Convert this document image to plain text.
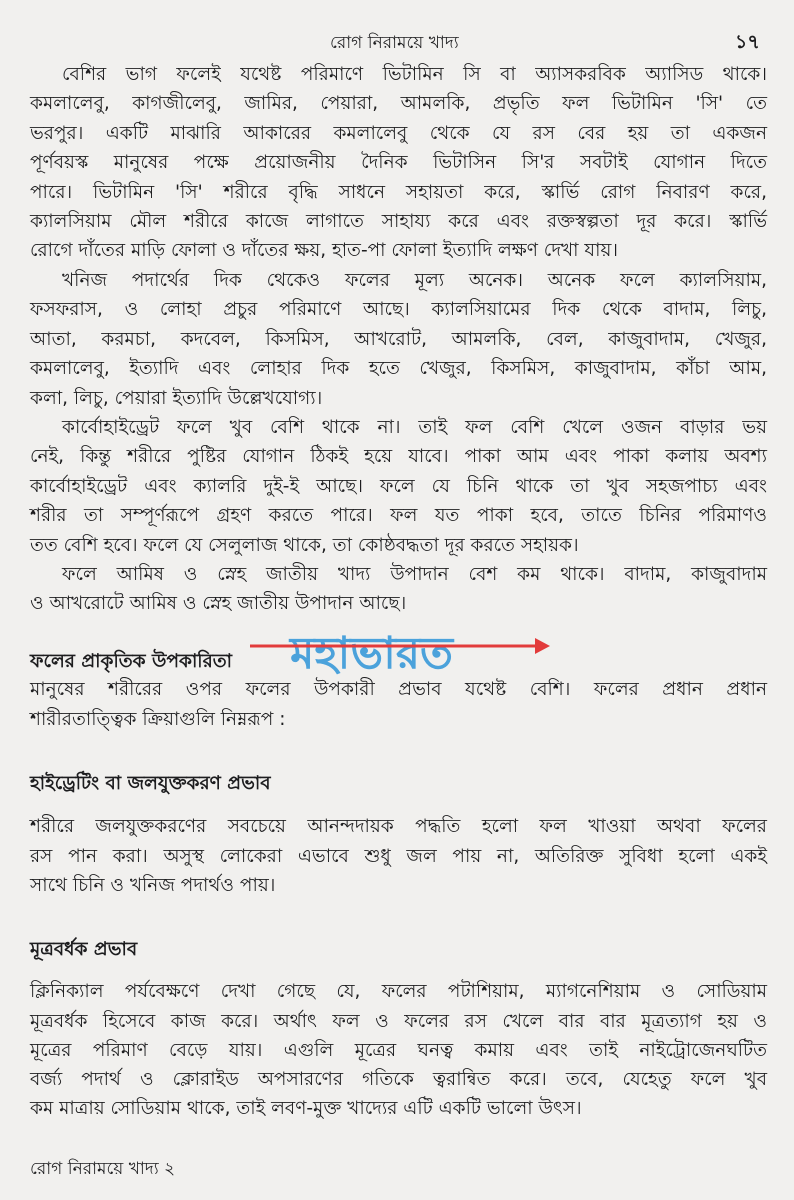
রোগ নিরাময়ে খাদ্য	১৭
বেশির ভাগ ফলেই যথেষ্ট পরিমাণে ভিটামিন সি বা অ্যাসকরবিক অ্যাসিড থাকে।
কমলালেবু, কাগজীলেবু, জামির, পেয়ারা, আমলকি, প্রভৃতি ফল ভিটামিন 'সি' তে
ভরপুর। একটি মাঝারি আকারের কমলালেবু থেকে যে রস বের হয় তা একজন
পূর্ণবয়স্ক মানুষের পক্ষে প্রয়োজনীয় দৈনিক ভিটাসিন সি'র সবটাই যোগান দিতে
পারে। ভিটামিন 'সি' শরীরে বৃদ্ধি সাধনে সহায়তা করে, স্কার্ভি রোগ নিবারণ করে,
ক্যালসিয়াম মৌল শরীরে কাজে লাগাতে সাহায্য করে এবং রক্তস্বল্পতা দূর করে। স্কার্ভি
রোগে দাঁতের মাড়ি ফোলা ও দাঁতের ক্ষয়, হাত-পা ফোলা ইত্যাদি লক্ষণ দেখা যায়।
খনিজ পদার্থের দিক থেকেও ফলের মূল্য অনেক। অনেক ফলে ক্যালসিয়াম,
ফসফরাস, ও লোহা প্রচুর পরিমাণে আছে। ক্যালসিয়ামের দিক থেকে বাদাম, লিচু,
আতা, করমচা, কদবেল, কিসমিস, আখরোট, আমলকি, বেল, কাজুবাদাম, খেজুর,
কমলালেবু, ইত্যাদি এবং লোহার দিক হতে খেজুর, কিসমিস, কাজুবাদাম, কাঁচা আম,
কলা, লিচু, পেয়ারা ইত্যাদি উল্লেখযোগ্য।
কার্বোহাইড্রেট ফলে খুব বেশি থাকে না। তাই ফল বেশি খেলে ওজন বাড়ার ভয়
নেই, কিন্তু শরীরে পুষ্টির যোগান ঠিকই হয়ে যাবে। পাকা আম এবং পাকা কলায় অবশ্য
কার্বোহাইড্রেট এবং ক্যালরি দুই-ই আছে। ফলে যে চিনি থাকে তা খুব সহজপাচ্য এবং
শরীর তা সম্পূর্ণরূপে গ্রহণ করতে পারে। ফল যত পাকা হবে, তাতে চিনির পরিমাণও
তত বেশি হবে। ফলে যে সেলুলাজ থাকে, তা কোষ্ঠবদ্ধতা দূর করতে সহায়ক।
ফলে আমিষ ও স্নেহ জাতীয় খাদ্য উপাদান বেশ কম থাকে। বাদাম, কাজুবাদাম
ও আখরোটে আমিষ ও স্নেহ জাতীয় উপাদান আছে।
ফলের প্রাকৃতিক উপকারিতা
মানুষের শরীরের ওপর ফলের উপকারী প্রভাব যথেষ্ট বেশি। ফলের প্রধান প্রধান
শারীরতাত্ত্বিক ক্রিয়াগুলি নিম্নরূপ :
হাইড্রেটিং বা জলযুক্তকরণ প্রভাব
শরীরে জলযুক্তকরণের সবচেয়ে আনন্দদায়ক পদ্ধতি হলো ফল খাওয়া অথবা ফলের
রস পান করা। অসুস্থ লোকেরা এভাবে শুধু জল পায় না, অতিরিক্ত সুবিধা হলো একই
সাথে চিনি ও খনিজ পদার্থও পায়।
মূত্রবর্ধক প্রভাব
ক্লিনিক্যাল পর্যবেক্ষণে দেখা গেছে যে, ফলের পটাশিয়াম, ম্যাগনেশিয়াম ও সোডিয়াম
মূত্রবর্ধক হিসেবে কাজ করে। অর্থাৎ ফল ও ফলের রস খেলে বার বার মূত্রত্যাগ হয় ও
মূত্রের পরিমাণ বেড়ে যায়। এগুলি মূত্রের ঘনত্ব কমায় এবং তাই নাইট্রোজেনঘটিত
বর্জ্য পদার্থ ও ক্লোরাইড অপসারণের গতিকে ত্বরান্বিত করে। তবে, যেহেতু ফলে খুব
কম মাত্রায় সোডিয়াম থাকে, তাই লবণ-মুক্ত খাদ্যের এটি একটি ভালো উৎস।
রোগ নিরাময়ে খাদ্য ২
মহাভারত
